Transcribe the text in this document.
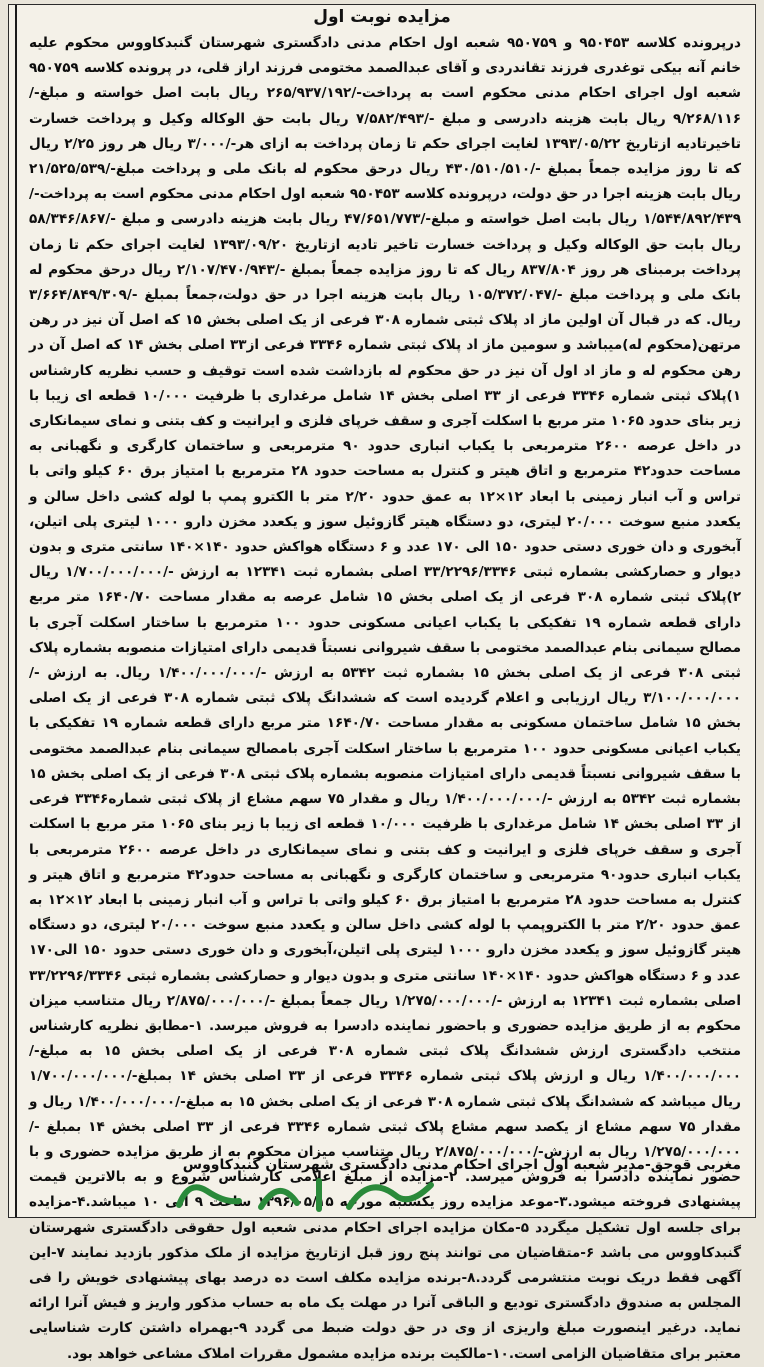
مزایده نوبت اول
درپرونده کلاسه ۹۵۰۴۵۳ و ۹۵۰۷۵۹ شعبه اول احکام مدنی دادگستری شهرستان گنبدکاووس محکوم علیه خانم آنه بیکی توغدری فرزند تقاندردی و آقای عبدالصمد مختومی فرزند اراز قلی، در پرونده کلاسه ۹۵۰۷۵۹ شعبه اول اجرای احکام مدنی محکوم است به پرداخت-/۲۶۵/۹۳۷/۱۹۲ ریال بابت اصل خواسته و مبلغ-/۹/۲۶۸/۱۱۶ ریال بابت هزینه دادرسی و مبلغ -/۷/۵۸۲/۴۹۳ ریال بابت حق الوکاله وکیل و پرداخت خسارت تاخیرتادیه ازتاریخ ۱۳۹۳/۰۵/۲۲ لغایت اجرای حکم تا زمان پرداخت به ازای هر-/۳/۰۰۰ ریال هر روز ۲/۲۵ ریال که تا روز مزایده جمعاً بمبلغ -/۴۳۰/۵۱۰/۵۱۰ ریال درحق محکوم له بانک ملی و پرداخت مبلغ-/۲۱/۵۲۵/۵۳۹ ریال بابت هزینه اجرا در حق دولت، درپرونده کلاسه ۹۵۰۴۵۳ شعبه اول احکام مدنی محکوم است به پرداخت-/۱/۵۴۴/۸۹۲/۴۳۹ ریال بابت اصل خواسته و مبلغ-/۴۷/۶۵۱/۷۷۳ ریال بابت هزینه دادرسی و مبلغ -/۵۸/۳۴۶/۸۶۷ ریال بابت حق الوکاله وکیل و پرداخت خسارت تاخیر تادیه ازتاریخ ۱۳۹۳/۰۹/۲۰ لغایت اجرای حکم تا زمان پرداخت برمبنای هر روز ۸۳۷/۸۰۴ ریال که تا روز مزایده جمعاً بمبلغ -/۲/۱۰۷/۴۷۰/۹۴۳ ریال درحق محکوم له بانک ملی و پرداخت مبلغ -/۱۰۵/۳۷۲/۰۴۷ ریال بابت هزینه اجرا در حق دولت،جمعاً بمبلغ -/۳/۶۶۴/۸۴۹/۳۰۹ ریال. که در قبال آن اولین ماز اد پلاک ثبتی شماره ۳۰۸ فرعی از یک اصلی بخش ۱۵ که اصل آن نیز در رهن مرتهن(محکوم له)میباشد و سومین ماز اد پلاک ثبتی شماره ۳۳۴۶ فرعی از۳۳ اصلی بخش ۱۴ که اصل آن در رهن محکوم له و ماز اد اول آن نیز در حق محکوم له بازداشت شده است توقیف و حسب نظریه کارشناس ۱)پلاک ثبتی شماره ۳۳۴۶ فرعی از ۳۳ اصلی بخش ۱۴ شامل مرغداری با ظرفیت ۱۰/۰۰۰ قطعه ای زیبا با زیر بنای حدود ۱۰۶۵ متر مربع با اسکلت آجری و سقف خرپای فلزی و ایرانیت و کف بتنی و نمای سیمانکاری در داخل عرصه ۲۶۰۰ مترمربعی با یکباب انباری حدود ۹۰ مترمربعی و ساختمان کارگری و نگهبانی به مساحت حدود۴۲ مترمربع و اتاق هیتر و کنترل به مساحت حدود ۲۸ مترمربع با امتیاز برق ۶۰ کیلو واتی با تراس و آب انبار زمینی با ابعاد ۱۲×۱۲ به عمق حدود ۲/۲۰ متر با الکترو پمپ با لوله کشی داخل سالن و یکعدد منبع سوخت ۲۰/۰۰۰ لیتری، دو دستگاه هیتر گازوئیل سوز و یکعدد مخزن دارو ۱۰۰۰ لیتری پلی اتیلن، آبخوری و دان خوری دستی حدود ۱۵۰ الی ۱۷۰ عدد و ۶ دستگاه هواکش حدود ۱۴۰×۱۴۰ سانتی متری و بدون دیوار و حصارکشی بشماره ثبتی ۳۳/۲۲۹۶/۳۳۴۶ اصلی بشماره ثبت ۱۲۳۴۱ به ارزش -/۱/۷۰۰/۰۰۰/۰۰۰ ریال ۲)پلاک ثبتی شماره ۳۰۸ فرعی از یک اصلی بخش ۱۵ شامل عرصه به مقدار مساحت ۱۶۴۰/۷۰ متر مربع دارای قطعه شماره ۱۹ تفکیکی با یکباب اعیانی مسکونی حدود ۱۰۰ مترمربع با ساختار اسکلت آجری با مصالح سیمانی بنام عبدالصمد مختومی با سقف شیروانی نسبتاً قدیمی دارای امتیازات منصوبه بشماره پلاک ثبتی ۳۰۸ فرعی از یک اصلی بخش ۱۵ بشماره ثبت ۵۳۴۲ به ارزش -/۱/۴۰۰/۰۰۰/۰۰۰ ریال. به ارزش -/۳/۱۰۰/۰۰۰/۰۰۰ ریال ارزیابی و اعلام گردیده است که ششدانگ پلاک ثبتی شماره ۳۰۸ فرعی از یک اصلی بخش ۱۵ شامل ساختمان مسکونی به مقدار مساحت ۱۶۴۰/۷۰ متر مربع دارای قطعه شماره ۱۹ تفکیکی با یکباب اعیانی مسکونی حدود ۱۰۰ مترمربع با ساختار اسکلت آجری بامصالح سیمانی بنام عبدالصمد مختومی با سقف شیروانی نسبتاً قدیمی دارای امتیازات منصوبه بشماره پلاک ثبتی ۳۰۸ فرعی از یک اصلی بخش ۱۵ بشماره ثبت ۵۳۴۲ به ارزش -/۱/۴۰۰/۰۰۰/۰۰۰ ریال و مقدار ۷۵ سهم مشاع از پلاک ثبتی شماره۳۳۴۶ فرعی از ۳۳ اصلی بخش ۱۴ شامل مرغداری با ظرفیت ۱۰/۰۰۰ قطعه ای زیبا با زیر بنای ۱۰۶۵ متر مربع با اسکلت آجری و سقف خرپای فلزی و ایرانیت و کف بتنی و نمای سیمانکاری در داخل عرصه ۲۶۰۰ مترمربعی با یکباب انباری حدود۹۰ مترمربعی و ساختمان کارگری و نگهبانی به مساحت حدود۴۲ مترمربع و اتاق هیتر و کنترل به مساحت حدود ۲۸ مترمربع با امتیاز برق ۶۰ کیلو واتی با تراس و آب انبار زمینی با ابعاد ۱۲×۱۲ به عمق حدود ۲/۲۰ متر با الکتروپمپ با لوله کشی داخل سالن و یکعدد منبع سوخت ۲۰/۰۰۰ لیتری، دو دستگاه هیتر گازوئیل سوز و یکعدد مخزن دارو ۱۰۰۰ لیتری پلی اتیلن،آبخوری و دان خوری دستی حدود ۱۵۰ الی۱۷۰ عدد و ۶ دستگاه هواکش حدود ۱۴۰×۱۴۰ سانتی متری و بدون دیوار و حصارکشی بشماره ثبتی ۳۳/۲۲۹۶/۳۳۴۶ اصلی بشماره ثبت ۱۲۳۴۱ به ارزش -/۱/۲۷۵/۰۰۰/۰۰۰ ریال جمعاً بمبلغ -/۲/۸۷۵/۰۰۰/۰۰۰ ریال متناسب میزان محکوم به از طریق مزایده حضوری و باحضور نماینده دادسرا به فروش میرسد. ۱-مطابق نظریه کارشناس منتخب دادگستری ارزش ششدانگ پلاک ثبتی شماره ۳۰۸ فرعی از یک اصلی بخش ۱۵ به مبلغ-/۱/۴۰۰/۰۰۰/۰۰۰ ریال و ارزش پلاک ثبتی شماره ۳۳۴۶ فرعی از ۳۳ اصلی بخش ۱۴ بمبلغ-/۱/۷۰۰/۰۰۰/۰۰۰ ریال میباشد که ششدانگ پلاک ثبتی شماره ۳۰۸ فرعی از یک اصلی بخش ۱۵ به مبلغ-/۱/۴۰۰/۰۰۰/۰۰۰ ریال و مقدار ۷۵ سهم مشاع از یکصد سهم مشاع پلاک ثبتی شماره ۳۳۴۶ فرعی از ۳۳ اصلی بخش ۱۴ بمبلغ -/۱/۲۷۵/۰۰۰/۰۰۰ ریال به ارزش-/۲/۸۷۵/۰۰۰/۰۰۰ ریال متناسب میزان محکوم به از طریق مزایده حضوری و با حضور نماینده دادسرا به فروش میرسد. ۲-مزایده از مبلغ اعلامی کارشناس شروع و به بالاترین قیمت پیشنهادی فروخته میشود.۳-موعد مزایده روز یکشنبه مورخه ۱۳۹۶/۰۵/۱۵ ساعت ۹ الی ۱۰ میباشد.۴-مزایده برای جلسه اول تشکیل میگردد ۵-مکان مزایده اجرای احکام مدنی شعبه اول حقوقی دادگستری شهرستان گنبدکاووس می باشد ۶-متقاضیان می توانند پنج روز قبل ازتاریخ مزایده از ملک مذکور بازدید نمایند ۷-این آگهی فقط دریک نوبت منتشرمی گردد.۸-برنده مزایده مکلف است ده درصد بهای پیشنهادی خویش را فی المجلس به صندوق دادگستری تودیع و الباقی آنرا در مهلت یک ماه به حساب مذکور واریز و فیش آنرا ارائه نماید. درغیر اینصورت مبلغ واریزی از وی در حق دولت ضبط می گردد ۹-بهمراه داشتن کارت شناسایی معتبر برای متقاضیان الزامی است.۱۰-مالکیت برنده مزایده مشمول مقررات املاک مشاعی خواهد بود.
مغربی قوجق-مدیر شعبه اول اجرای احکام مدنی دادگستری شهرستان گنبدکاووس
